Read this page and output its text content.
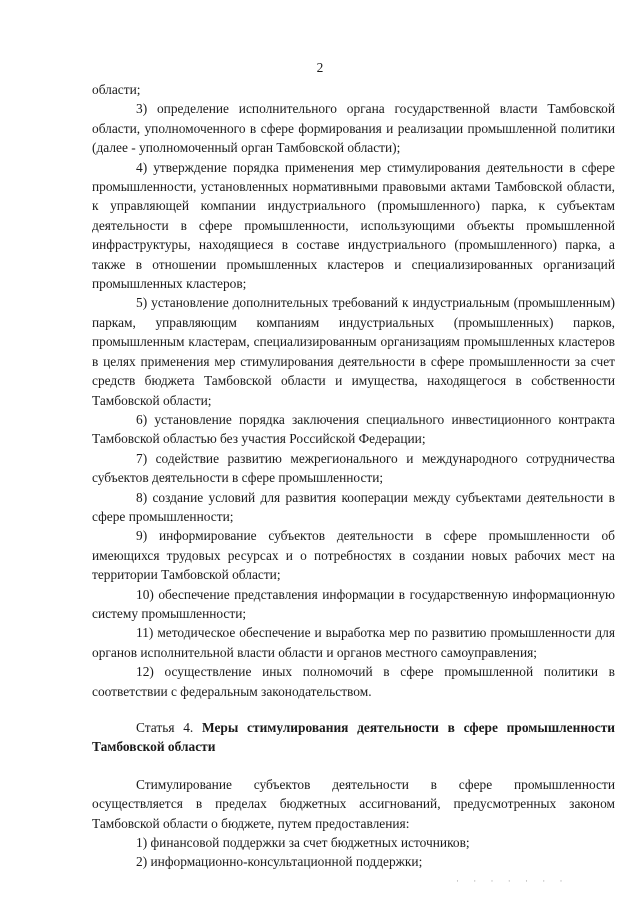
2

области;

3) определение исполнительного органа государственной власти Тамбовской области, уполномоченного в сфере формирования и реализации промышленной политики (далее - уполномоченный орган Тамбовской области);

4) утверждение порядка применения мер стимулирования деятельности в сфере промышленности, установленных нормативными правовыми актами Тамбовской области, к управляющей компании индустриального (промышленного) парка, к субъектам деятельности в сфере промышленности, использующими объекты промышленной инфраструктуры, находящиеся в составе индустриального (промышленного) парка, а также в отношении промышленных кластеров и специализированных организаций промышленных кластеров;

5) установление дополнительных требований к индустриальным (промышленным) паркам, управляющим компаниям индустриальных (промышленных) парков, промышленным кластерам, специализированным организациям промышленных кластеров в целях применения мер стимулирования деятельности в сфере промышленности за счет средств бюджета Тамбовской области и имущества, находящегося в собственности Тамбовской области;

6) установление порядка заключения специального инвестиционного контракта Тамбовской областью без участия Российской Федерации;

7) содействие развитию межрегионального и международного сотрудничества субъектов деятельности в сфере промышленности;

8) создание условий для развития кооперации между субъектами деятельности в сфере промышленности;

9) информирование субъектов деятельности в сфере промышленности об имеющихся трудовых ресурсах и о потребностях в создании новых рабочих мест на территории Тамбовской области;

10) обеспечение представления информации в государственную информационную систему промышленности;

11) методическое обеспечение и выработка мер по развитию промышленности для органов исполнительной власти области и органов местного самоуправления;

12) осуществление иных полномочий в сфере промышленной политики в соответствии с федеральным законодательством.

Статья 4. Меры стимулирования деятельности в сфере промышленности Тамбовской области

Стимулирование субъектов деятельности в сфере промышленности осуществляется в пределах бюджетных ассигнований, предусмотренных законом Тамбовской области о бюджете, путем предоставления:

1) финансовой поддержки за счет бюджетных источников;

2) информационно-консультационной поддержки;

· · · · · · ·
